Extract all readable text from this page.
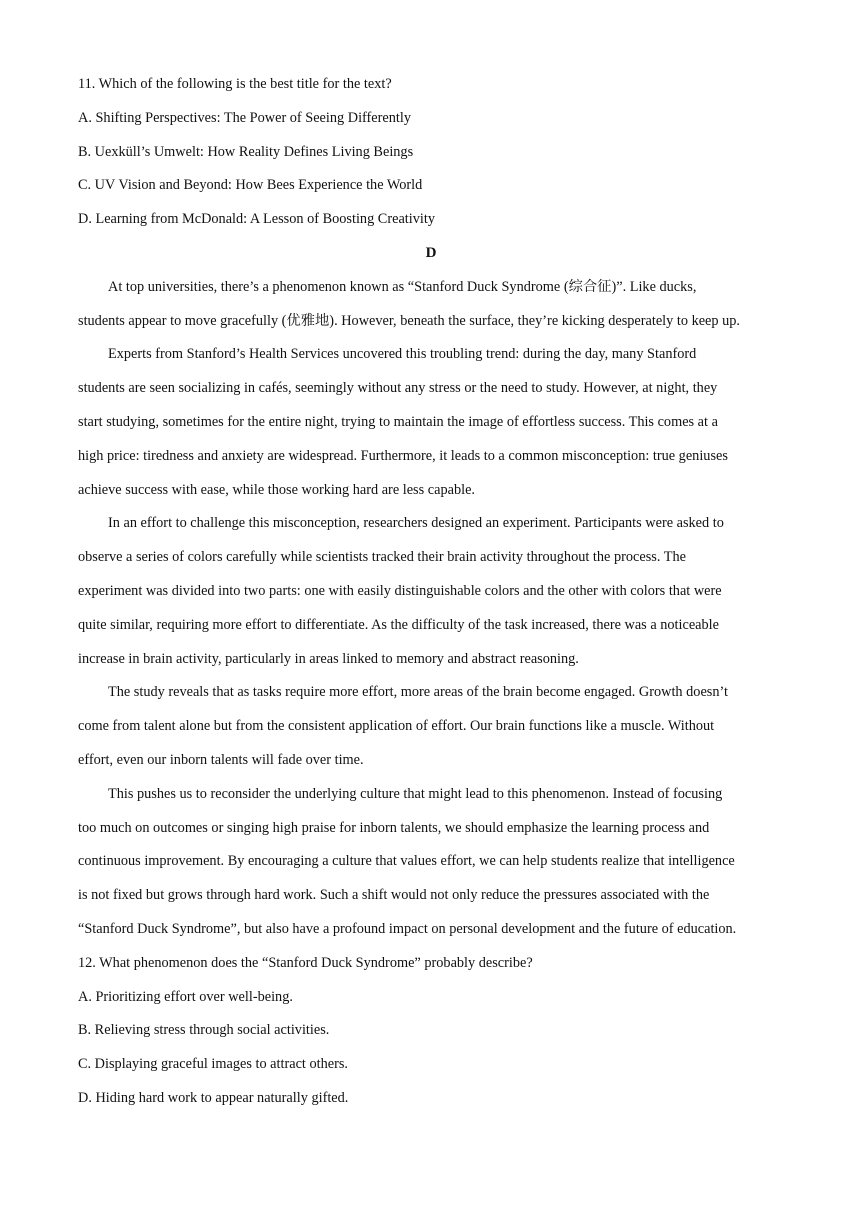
11. Which of the following is the best title for the text?
A. Shifting Perspectives: The Power of Seeing Differently
B. Uexküll’s Umwelt: How Reality Defines Living Beings
C. UV Vision and Beyond: How Bees Experience the World
D. Learning from McDonald: A Lesson of Boosting Creativity
D
At top universities, there’s a phenomenon known as “Stanford Duck Syndrome (综合征)”. Like ducks,
students appear to move gracefully (优雅地). However, beneath the surface, they’re kicking desperately to keep up.
Experts from Stanford’s Health Services uncovered this troubling trend: during the day, many Stanford
students are seen socializing in cafés, seemingly without any stress or the need to study. However, at night, they
start studying, sometimes for the entire night, trying to maintain the image of effortless success. This comes at a
high price: tiredness and anxiety are widespread. Furthermore, it leads to a common misconception: true geniuses
achieve success with ease, while those working hard are less capable.
In an effort to challenge this misconception, researchers designed an experiment. Participants were asked to
observe a series of colors carefully while scientists tracked their brain activity throughout the process. The
experiment was divided into two parts: one with easily distinguishable colors and the other with colors that were
quite similar, requiring more effort to differentiate. As the difficulty of the task increased, there was a noticeable
increase in brain activity, particularly in areas linked to memory and abstract reasoning.
The study reveals that as tasks require more effort, more areas of the brain become engaged. Growth doesn’t
come from talent alone but from the consistent application of effort. Our brain functions like a muscle. Without
effort, even our inborn talents will fade over time.
This pushes us to reconsider the underlying culture that might lead to this phenomenon. Instead of focusing
too much on outcomes or singing high praise for inborn talents, we should emphasize the learning process and
continuous improvement. By encouraging a culture that values effort, we can help students realize that intelligence
is not fixed but grows through hard work. Such a shift would not only reduce the pressures associated with the
“Stanford Duck Syndrome”, but also have a profound impact on personal development and the future of education.
12. What phenomenon does the “Stanford Duck Syndrome” probably describe?
A. Prioritizing effort over well-being.
B. Relieving stress through social activities.
C. Displaying graceful images to attract others.
D. Hiding hard work to appear naturally gifted.
